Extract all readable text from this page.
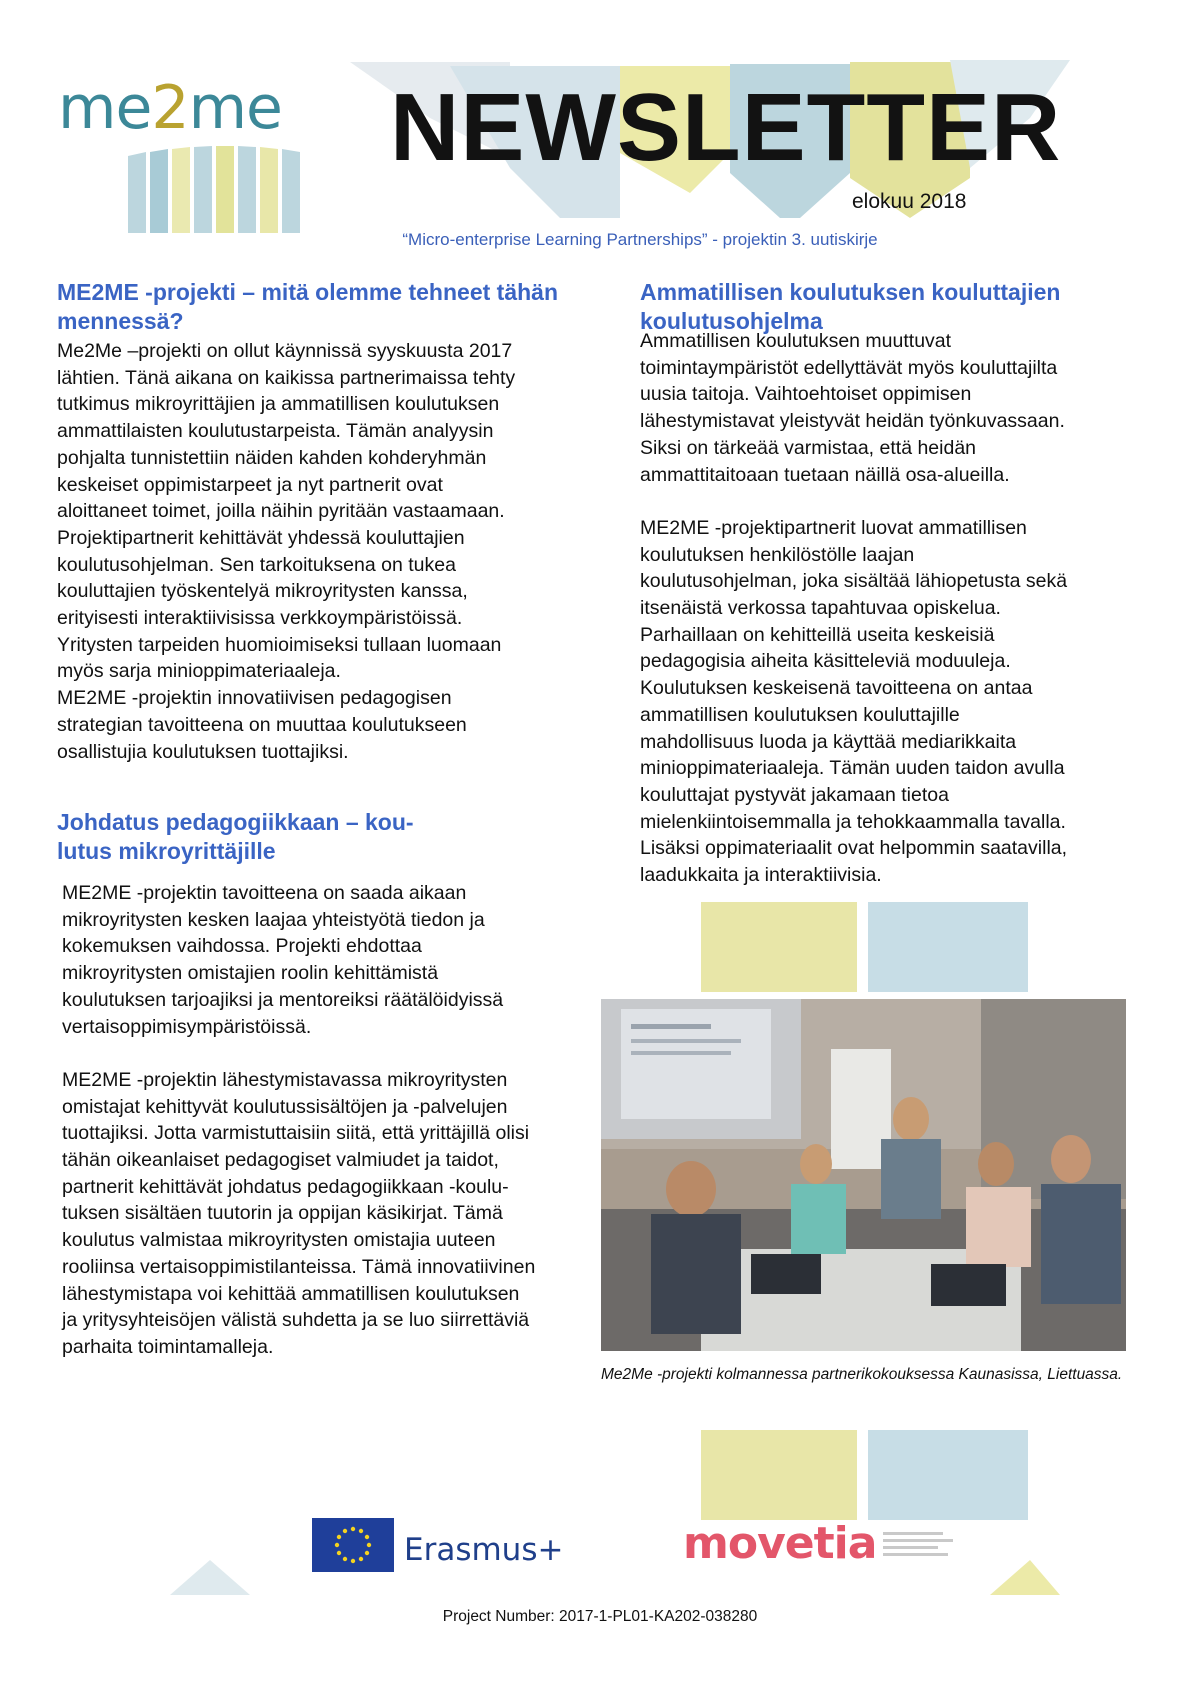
me2me	NEWSLETTER
elokuu 2018
“Micro-enterprise Learning Partnerships” - projektin 3. uutiskirje
ME2ME -projekti – mitä olemme tehneet tähän mennessä?
Me2Me –projekti on ollut käynnissä syyskuusta 2017
lähtien. Tänä aikana on kaikissa partnerimaissa tehty
tutkimus mikroyrittäjien ja ammatillisen koulutuksen
ammattilaisten koulutustarpeista. Tämän analyysin
pohjalta tunnistettiin näiden kahden kohderyhmän
keskeiset oppimistarpeet ja nyt partnerit ovat
aloittaneet toimet, joilla näihin pyritään vastaamaan.
Projektipartnerit kehittävät yhdessä kouluttajien
koulutusohjelman. Sen tarkoituksena on tukea
kouluttajien työskentelyä mikroyritysten kanssa,
erityisesti interaktiivisissa verkkoympäristöissä.
Yritysten tarpeiden huomioimiseksi tullaan luomaan
myös sarja minioppimateriaaleja.
ME2ME -projektin innovatiivisen pedagogisen
strategian tavoitteena on muuttaa koulutukseen
osallistujia koulutuksen tuottajiksi.
Johdatus pedagogiikkaan – kou-lutus mikroyrittäjille
ME2ME -projektin tavoitteena on saada aikaan
mikroyritysten kesken laajaa yhteistyötä tiedon ja
kokemuksen vaihdossa. Projekti ehdottaa
mikroyritysten omistajien roolin kehittämistä
koulutuksen tarjoajiksi ja mentoreiksi räätälöidyissä
vertaisoppimisympäristöissä.

ME2ME -projektin lähestymistavassa mikroyritysten
omistajat kehittyvät koulutussisältöjen ja -palvelujen
tuottajiksi. Jotta varmistuttaisiin siitä, että yrittäjillä olisi
tähän oikeanlaiset pedagogiset valmiudet ja taidot,
partnerit kehittävät johdatus pedagogiikkaan -koulu-
tuksen sisältäen tuutorin ja oppijan käsikirjat. Tämä
koulutus valmistaa mikroyritysten omistajia uuteen
rooliinsa vertaisoppimistilanteissa. Tämä innovatiivinen
lähestymistapa voi kehittää ammatillisen koulutuksen
ja yritysyhteisöjen välistä suhdetta ja se luo siirrettäviä
parhaita toimintamalleja.
Ammatillisen koulutuksen kouluttajien koulutusohjelma
Ammatillisen koulutuksen muuttuvat
toimintaympäristöt edellyttävät myös kouluttajilta
uusia taitoja. Vaihtoehtoiset oppimisen
lähestymistavat yleistyvät heidän työnkuvassaan.
Siksi on tärkeää varmistaa, että heidän
ammattitaitoaan tuetaan näillä osa-alueilla.

ME2ME -projektipartnerit luovat ammatillisen
koulutuksen henkilöstölle laajan
koulutusohjelman, joka sisältää lähiopetusta sekä
itsenäistä verkossa tapahtuvaa opiskelua.
Parhaillaan on kehitteillä useita keskeisiä
pedagogisia aiheita käsitteleviä moduuleja.
Koulutuksen keskeisenä tavoitteena on antaa
ammatillisen koulutuksen kouluttajille
mahdollisuus luoda ja käyttää mediarikkaita
minioppimateriaaleja. Tämän uuden taidon avulla
kouluttajat pystyvät jakamaan tietoa
mielenkiintoisemmalla ja tehokkaammalla tavalla.
Lisäksi oppimateriaalit ovat helpommin saatavilla,
laadukkaita ja interaktiivisia.
Me2Me -projekti kolmannessa partnerikokouksessa Kaunasissa, Liettuassa.
Erasmus+	movetia
Project Number: 2017-1-PL01-KA202-038280
